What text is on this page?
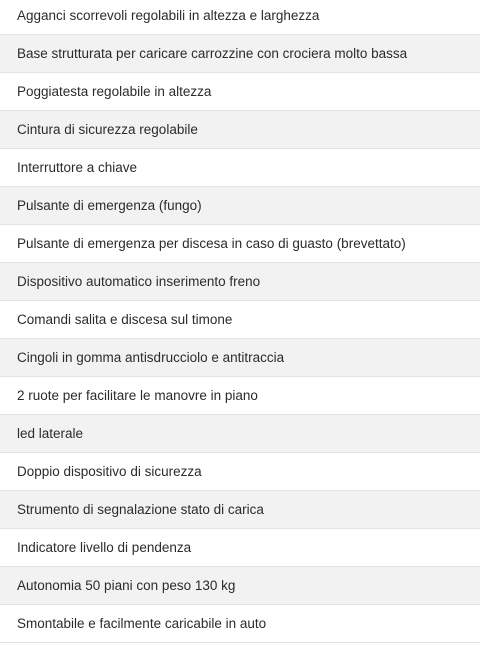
Agganci scorrevoli regolabili in altezza e larghezza
Base strutturata per caricare carrozzine con crociera molto bassa
Poggiatesta regolabile in altezza
Cintura di sicurezza regolabile
Interruttore a chiave
Pulsante di emergenza (fungo)
Pulsante di emergenza per discesa in caso di guasto (brevettato)
Dispositivo automatico inserimento freno
Comandi salita e discesa sul timone
Cingoli in gomma antisdrucciolo e antitraccia
2 ruote per facilitare le manovre in piano
led laterale
Doppio dispositivo di sicurezza
Strumento di segnalazione stato di carica
Indicatore livello di pendenza
Autonomia 50 piani con peso 130 kg
Smontabile e facilmente caricabile in auto
